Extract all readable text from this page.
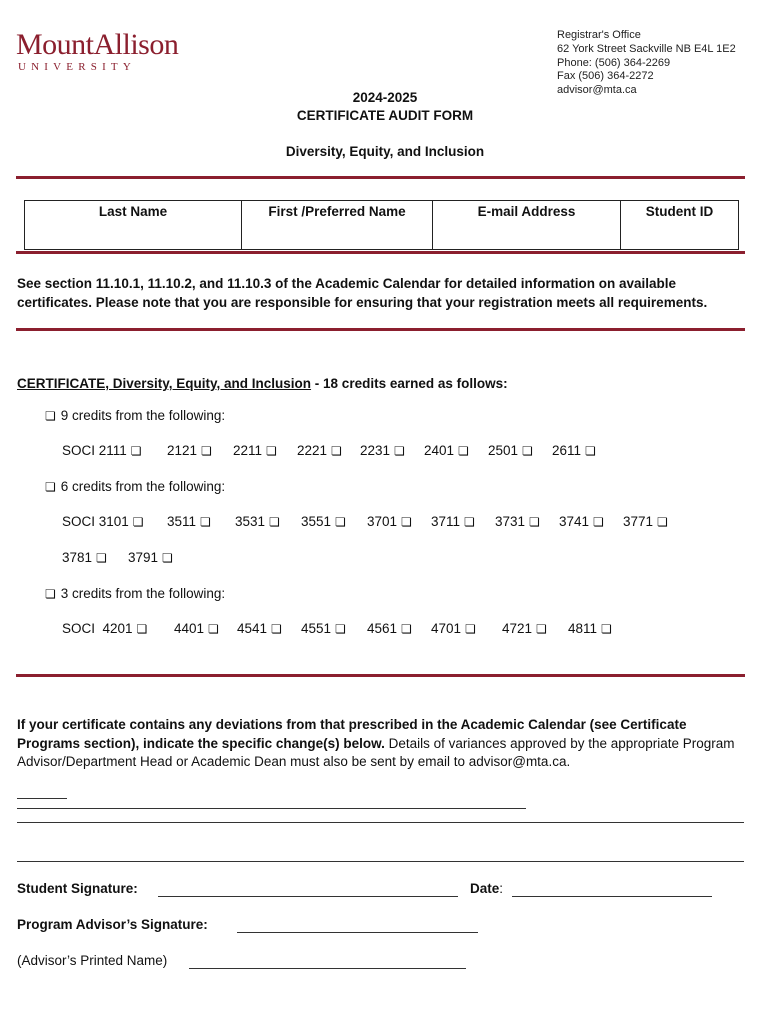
MountAllison
UNIVERSITY
Registrar's Office
62 York Street Sackville NB E4L 1E2
Phone: (506) 364-2269
Fax (506) 364-2272
advisor@mta.ca
2024-2025
CERTIFICATE AUDIT FORM
Diversity, Equity, and Inclusion
Last Name	First /Preferred Name	E-mail Address	Student ID
See section 11.10.1, 11.10.2, and 11.10.3 of the Academic Calendar for detailed information on available certificates. Please note that you are responsible for ensuring that your registration meets all requirements.
CERTIFICATE, Diversity, Equity, and Inclusion - 18 credits earned as follows:
❏ 9 credits from the following:
SOCI 2111 ❏	2121 ❏	2211 ❏	2221 ❏	2231 ❏	2401 ❏	2501 ❏	2611 ❏
❏ 6 credits from the following:
SOCI 3101 ❏	3511 ❏	3531 ❏	3551 ❏	3701 ❏	3711 ❏	3731 ❏	3741 ❏	3771 ❏
3781 ❏	3791 ❏
❏ 3 credits from the following:
SOCI  4201 ❏	4401 ❏	4541 ❏	4551 ❏	4561 ❏	4701 ❏	4721 ❏	4811 ❏
If your certificate contains any deviations from that prescribed in the Academic Calendar (see Certificate Programs section), indicate the specific change(s) below. Details of variances approved by the appropriate Program Advisor/Department Head or Academic Dean must also be sent by email to advisor@mta.ca.
Student Signature:	Date:
Program Advisor’s Signature:
(Advisor’s Printed Name)
